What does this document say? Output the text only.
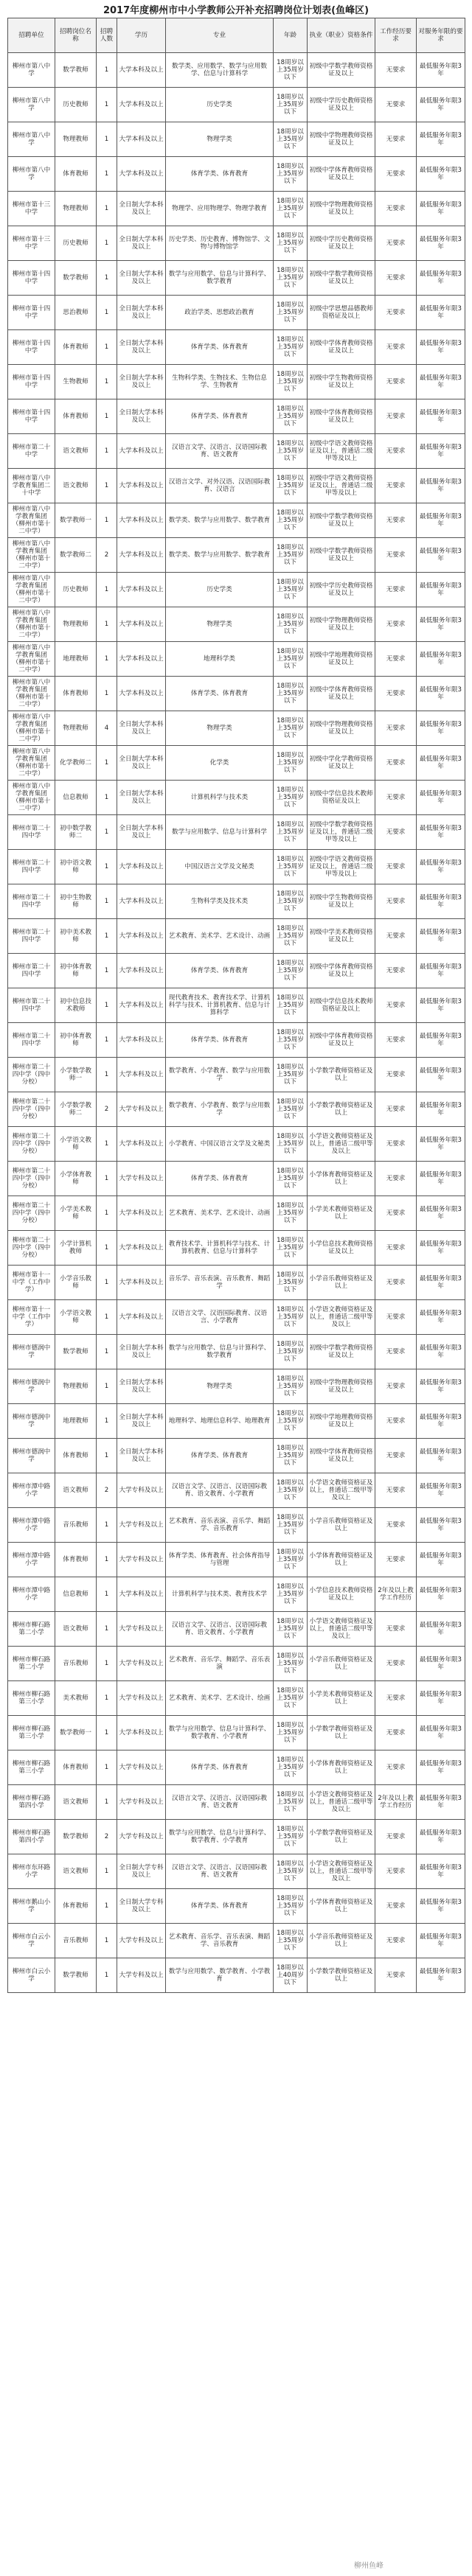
2017年度柳州市中小学教师公开补充招聘岗位计划表(鱼峰区)
招聘单位	招聘岗位名称	招聘人数	学历	专业	年龄	执业（职业）资格条件	工作经历要求	对服务年限的要求
柳州市第八中学	数学教师	1	大学本科及以上	数学类、应用数学、数学与应用数学、信息与计算科学	18周岁以上35周岁以下	初级中学数学教师资格证及以上	无要求	最低服务年限3年
柳州市第八中学	历史教师	1	大学本科及以上	历史学类	18周岁以上35周岁以下	初级中学历史教师资格证及以上	无要求	最低服务年限3年
柳州市第八中学	物理教师	1	大学本科及以上	物理学类	18周岁以上35周岁以下	初级中学物理教师资格证及以上	无要求	最低服务年限3年
柳州市第八中学	体育教师	1	大学本科及以上	体育学类、体育教育	18周岁以上35周岁以下	初级中学体育教师资格证及以上	无要求	最低服务年限3年
柳州市第十三中学	物理教师	1	全日制大学本科及以上	物理学、应用物理学、物理学教育	18周岁以上35周岁以下	初级中学物理教师资格证及以上	无要求	最低服务年限3年
柳州市第十三中学	历史教师	1	全日制大学本科及以上	历史学类、历史教育、博物馆学、文物与博物馆学	18周岁以上35周岁以下	初级中学历史教师资格证及以上	无要求	最低服务年限3年
柳州市第十四中学	数学教师	1	全日制大学本科及以上	数学与应用数学、信息与计算科学、数学教育	18周岁以上35周岁以下	初级中学数学教师资格证及以上	无要求	最低服务年限3年
柳州市第十四中学	思治教师	1	全日制大学本科及以上	政治学类、思想政治教育	18周岁以上35周岁以下	初级中学思想品德教师资格证及以上	无要求	最低服务年限3年
柳州市第十四中学	体育教师	1	全日制大学本科及以上	体育学类、体育教育	18周岁以上35周岁以下	初级中学体育教师资格证及以上	无要求	最低服务年限3年
柳州市第十四中学	生物教师	1	全日制大学本科及以上	生物科学类、生物技术、生物信息学、生物教育	18周岁以上35周岁以下	初级中学生物教师资格证及以上	无要求	最低服务年限3年
柳州市第十四中学	体育教师	1	全日制大学本科及以上	体育学类、体育教育	18周岁以上35周岁以下	初级中学体育教师资格证及以上	无要求	最低服务年限3年
柳州市第二十中学	语文教师	1	大学本科及以上	汉语言文学、汉语言、汉语国际教育、语文教育	18周岁以上35周岁以下	初级中学语文教师资格证及以上，普通话二级甲等及以上	无要求	最低服务年限3年
柳州市第八中学教育集团二十中学	语文教师	1	大学本科及以上	汉语言文学、对外汉语、汉语国际教育、汉语言	18周岁以上35周岁以下	初级中学语文教师资格证及以上，普通话二级甲等及以上	无要求	最低服务年限3年
柳州市第八中学教育集团（柳州市第十二中学）	数学教师一	1	大学本科及以上	数学类、数学与应用数学、数学教育	18周岁以上35周岁以下	初级中学数学教师资格证及以上	无要求	最低服务年限3年
柳州市第八中学教育集团（柳州市第十二中学）	数学教师二	2	大学本科及以上	数学类、数学与应用数学、数学教育	18周岁以上35周岁以下	初级中学数学教师资格证及以上	无要求	最低服务年限3年
柳州市第八中学教育集团（柳州市第十二中学）	历史教师	1	大学本科及以上	历史学类	18周岁以上35周岁以下	初级中学历史教师资格证及以上	无要求	最低服务年限3年
柳州市第八中学教育集团（柳州市第十二中学）	物理教师	1	大学本科及以上	物理学类	18周岁以上35周岁以下	初级中学物理教师资格证及以上	无要求	最低服务年限3年
柳州市第八中学教育集团（柳州市第十二中学）	地理教师	1	大学本科及以上	地理科学类	18周岁以上35周岁以下	初级中学地理教师资格证及以上	无要求	最低服务年限3年
柳州市第八中学教育集团（柳州市第十二中学）	体育教师	1	大学本科及以上	体育学类、体育教育	18周岁以上35周岁以下	初级中学体育教师资格证及以上	无要求	最低服务年限3年
柳州市第八中学教育集团（柳州市第十二中学）	物理教师	4	全日制大学本科及以上	物理学类	18周岁以上35周岁以下	初级中学物理教师资格证及以上	无要求	最低服务年限3年
柳州市第八中学教育集团（柳州市第十二中学）	化学教师二	1	全日制大学本科及以上	化学类	18周岁以上35周岁以下	初级中学化学教师资格证及以上	无要求	最低服务年限3年
柳州市第八中学教育集团（柳州市第十二中学）	信息教师	1	全日制大学本科及以上	计算机科学与技术类	18周岁以上35周岁以下	初级中学信息技术教师资格证及以上	无要求	最低服务年限3年
柳州市第二十四中学	初中数学教师二	1	全日制大学本科及以上	数学与应用数学、信息与计算科学	18周岁以上35周岁以下	初级中学数学教师资格证及以上，普通话二级甲等及以上	无要求	最低服务年限3年
柳州市第二十四中学	初中语文教师	1	大学本科及以上	中国汉语言文学及文秘类	18周岁以上35周岁以下	初级中学语文教师资格证及以上，普通话二级甲等及以上	无要求	最低服务年限3年
柳州市第二十四中学	初中生物教师	1	大学本科及以上	生物科学类及技术类	18周岁以上35周岁以下	初级中学生物教师资格证及以上	无要求	最低服务年限3年
柳州市第二十四中学	初中美术教师	1	大学本科及以上	艺术教育、美术学、艺术设计、动画	18周岁以上35周岁以下	初级中学美术教师资格证及以上	无要求	最低服务年限3年
柳州市第二十四中学	初中体育教师	1	大学本科及以上	体育学类、体育教育	18周岁以上35周岁以下	初级中学体育教师资格证及以上	无要求	最低服务年限3年
柳州市第二十四中学	初中信息技术教师	1	大学本科及以上	现代教育技术、教育技术学、计算机科学与技术、计算机教育、信息与计算科学	18周岁以上35周岁以下	初级中学信息技术教师资格证及以上	无要求	最低服务年限3年
柳州市第二十四中学	初中体育教师	1	大学本科及以上	体育学类、体育教育	18周岁以上35周岁以下	初级中学体育教师资格证及以上	无要求	最低服务年限3年
柳州市第二十四中学（四中分校）	小学数学教师一	1	大学本科及以上	数学教育、小学教育、数学与应用数学	18周岁以上35周岁以下	小学数学教师资格证及以上	无要求	最低服务年限3年
柳州市第二十四中学（四中分校）	小学数学教师二	2	大学专科及以上	数学教育、小学教育、数学与应用数学	18周岁以上35周岁以下	小学数学教师资格证及以上	无要求	最低服务年限3年
柳州市第二十四中学（四中分校）	小学语文教师	1	大学本科及以上	小学教育、中国汉语言文学及文秘类	18周岁以上35周岁以下	小学语文教师资格证及以上，普通话二级甲等及以上	无要求	最低服务年限3年
柳州市第二十四中学（四中分校）	小学体育教师	1	大学专科及以上	体育学类、体育教育	18周岁以上35周岁以下	小学体育教师资格证及以上	无要求	最低服务年限3年
柳州市第二十四中学（四中分校）	小学美术教师	1	大学本科及以上	艺术教育、美术学、艺术设计、动画	18周岁以上35周岁以下	小学美术教师资格证及以上	无要求	最低服务年限3年
柳州市第二十四中学（四中分校）	小学计算机教师	1	大学本科及以上	教育技术学、计算机科学与技术、计算机教育、信息与计算科学	18周岁以上35周岁以下	小学信息技术教师资格证及以上	无要求	最低服务年限3年
柳州市第十一中学（工作中学）	小学音乐教师	1	大学本科及以上	音乐学、音乐表演、音乐教育、舞蹈学	18周岁以上35周岁以下	小学音乐教师资格证及以上	无要求	最低服务年限3年
柳州市第十一中学（工作中学）	小学语文教师	1	大学本科及以上	汉语言文学、汉语国际教育、汉语言、小学教育	18周岁以上35周岁以下	小学语文教师资格证及以上，普通话二级甲等及以上	无要求	最低服务年限3年
柳州市德润中学	数学教师	1	全日制大学本科及以上	数学与应用数学、信息与计算科学、数学教育	18周岁以上35周岁以下	初级中学数学教师资格证及以上	无要求	最低服务年限3年
柳州市德润中学	物理教师	1	全日制大学本科及以上	物理学类	18周岁以上35周岁以下	初级中学物理教师资格证及以上	无要求	最低服务年限3年
柳州市德润中学	地理教师	1	全日制大学本科及以上	地理科学、地理信息科学、地理教育	18周岁以上35周岁以下	初级中学地理教师资格证及以上	无要求	最低服务年限3年
柳州市德润中学	体育教师	1	全日制大学本科及以上	体育学类、体育教育	18周岁以上35周岁以下	初级中学体育教师资格证及以上	无要求	最低服务年限3年
柳州市潭中路小学	语文教师	2	大学专科及以上	汉语言文学、汉语言、汉语国际教育、语文教育、小学教育	18周岁以上35周岁以下	小学语文教师资格证及以上，普通话二级甲等及以上	无要求	最低服务年限3年
柳州市潭中路小学	音乐教师	1	大学专科及以上	艺术教育、音乐表演、音乐学、舞蹈学、音乐教育	18周岁以上35周岁以下	小学音乐教师资格证及以上	无要求	最低服务年限3年
柳州市潭中路小学	体育教师	1	大学专科及以上	体育学类、体育教育、社会体育指导与管理	18周岁以上35周岁以下	小学体育教师资格证及以上	无要求	最低服务年限3年
柳州市潭中路小学	信息教师	1	大学本科及以上	计算机科学与技术类、教育技术学	18周岁以上35周岁以下	小学信息技术教师资格证及以上	2年及以上教学工作经历	最低服务年限3年
柳州市柳石路第二小学	语文教师	1	大学专科及以上	汉语言文学、汉语言、汉语国际教育、语文教育、小学教育	18周岁以上35周岁以下	小学语文教师资格证及以上，普通话二级甲等及以上	无要求	最低服务年限3年
柳州市柳石路第二小学	音乐教师	1	大学专科及以上	艺术教育、音乐学、舞蹈学、音乐表演	18周岁以上35周岁以下	小学音乐教师资格证及以上	无要求	最低服务年限3年
柳州市柳石路第三小学	美术教师	1	大学专科及以上	艺术教育、美术学、艺术设计、绘画	18周岁以上35周岁以下	小学美术教师资格证及以上	无要求	最低服务年限3年
柳州市柳石路第三小学	数学教师一	1	大学本科及以上	数学与应用数学、信息与计算科学、数学教育、小学教育	18周岁以上35周岁以下	小学数学教师资格证及以上	无要求	最低服务年限3年
柳州市柳石路第三小学	体育教师	1	大学专科及以上	体育学类、体育教育	18周岁以上35周岁以下	小学体育教师资格证及以上	无要求	最低服务年限3年
柳州市柳石路第四小学	语文教师	1	大学专科及以上	汉语言文学、汉语言、汉语国际教育、语文教育	18周岁以上35周岁以下	小学语文教师资格证及以上，普通话二级甲等及以上	2年及以上教学工作经历	最低服务年限3年
柳州市柳石路第四小学	数学教师	2	大学专科及以上	数学与应用数学、信息与计算科学、数学教育、小学教育	18周岁以上35周岁以下	小学数学教师资格证及以上	无要求	最低服务年限3年
柳州市东环路小学	语文教师	1	全日制大学专科及以上	汉语言文学、汉语言、汉语国际教育、语文教育	18周岁以上35周岁以下	小学语文教师资格证及以上，普通话二级甲等及以上	无要求	最低服务年限3年
柳州市鹅山小学	体育教师	1	全日制大学专科及以上	体育学类、体育教育	18周岁以上35周岁以下	小学体育教师资格证及以上	无要求	最低服务年限3年
柳州市白云小学	音乐教师	1	大学专科及以上	艺术教育、音乐学、音乐表演、舞蹈学、音乐教育	18周岁以上35周岁以下	小学音乐教师资格证及以上	无要求	最低服务年限3年
柳州市白云小学	数学教师	1	大学专科及以上	数学与应用数学、数学教育、小学教育	18周岁以上40周岁以下	小学数学教师资格证及以上	无要求	最低服务年限3年
柳州鱼峰
